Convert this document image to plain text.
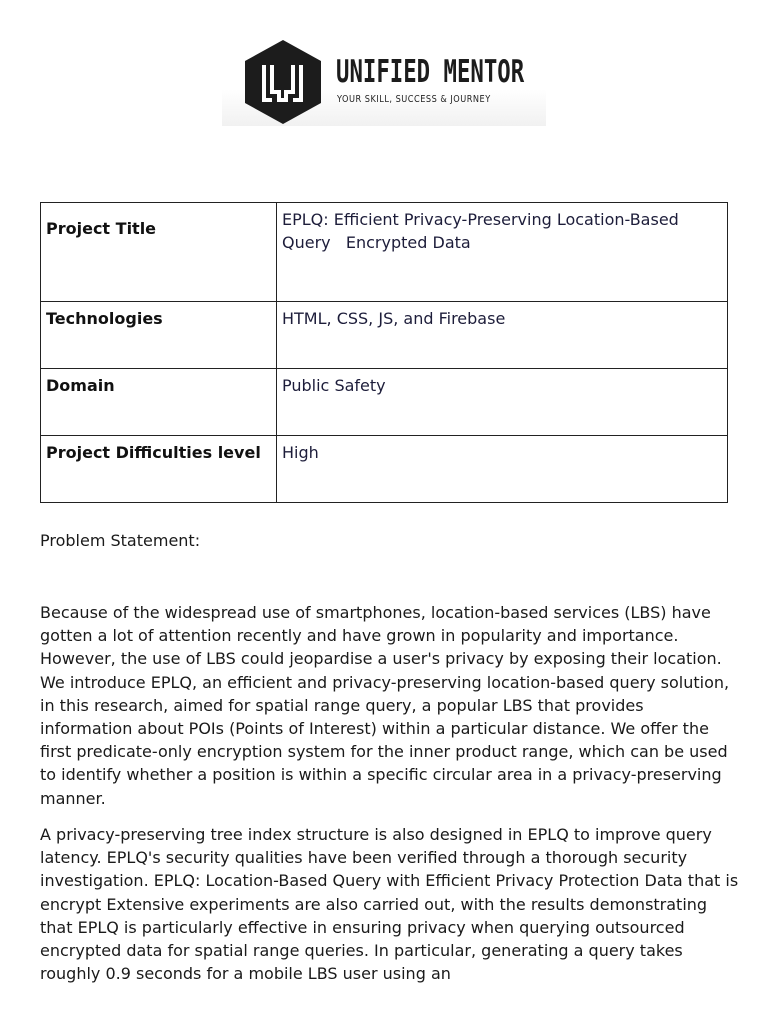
UNIFIED MENTOR
YOUR SKILL, SUCCESS & JOURNEY
Project Title	EPLQ: Efficient Privacy-Preserving Location-Based Query   Encrypted Data
Technologies	HTML, CSS, JS, and Firebase
Domain	Public Safety
Project Difficulties level	High
Problem Statement:

Because of the widespread use of smartphones, location-based services (LBS) have gotten a lot of attention recently and have grown in popularity and importance. However, the use of LBS could jeopardise a user's privacy by exposing their location. We introduce EPLQ, an efficient and privacy-preserving location-based query solution, in this research, aimed for spatial range query, a popular LBS that provides information about POIs (Points of Interest) within a particular distance. We offer the first predicate-only encryption system for the inner product range, which can be used to identify whether a position is within a specific circular area in a privacy-preserving manner.

A privacy-preserving tree index structure is also designed in EPLQ to improve query latency. EPLQ's security qualities have been verified through a thorough security investigation. EPLQ: Location-Based Query with Efficient Privacy Protection Data that is encrypt Extensive experiments are also carried out, with the results demonstrating that EPLQ is particularly effective in ensuring privacy when querying outsourced encrypted data for spatial range queries. In particular, generating a query takes roughly 0.9 seconds for a mobile LBS user using an
